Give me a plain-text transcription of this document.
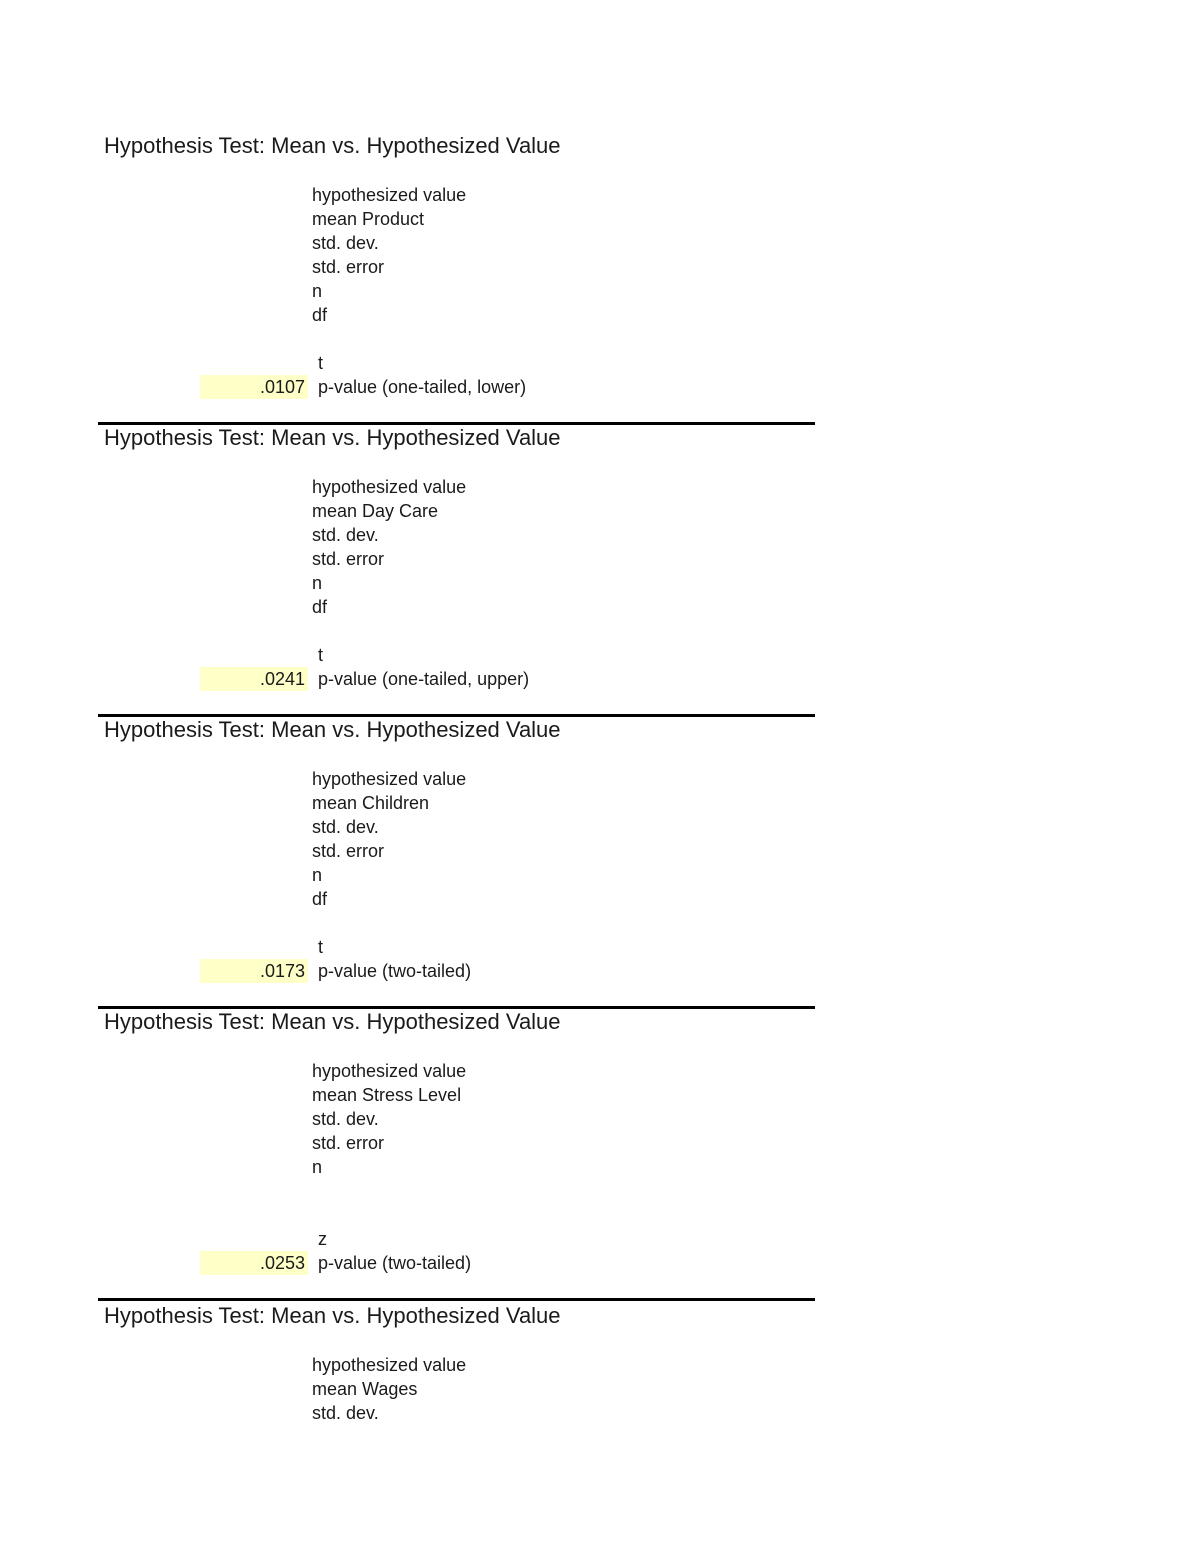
Hypothesis Test: Mean vs. Hypothesized Value
hypothesized value
mean Product
std. dev.
std. error
n
df
t
.0107 p-value (one-tailed, lower)
Hypothesis Test: Mean vs. Hypothesized Value
hypothesized value
mean Day Care
std. dev.
std. error
n
df
t
.0241 p-value (one-tailed, upper)
Hypothesis Test: Mean vs. Hypothesized Value
hypothesized value
mean Children
std. dev.
std. error
n
df
t
.0173 p-value (two-tailed)
Hypothesis Test: Mean vs. Hypothesized Value
hypothesized value
mean Stress Level
std. dev.
std. error
n
z
.0253 p-value (two-tailed)
Hypothesis Test: Mean vs. Hypothesized Value
hypothesized value
mean Wages
std. dev.
